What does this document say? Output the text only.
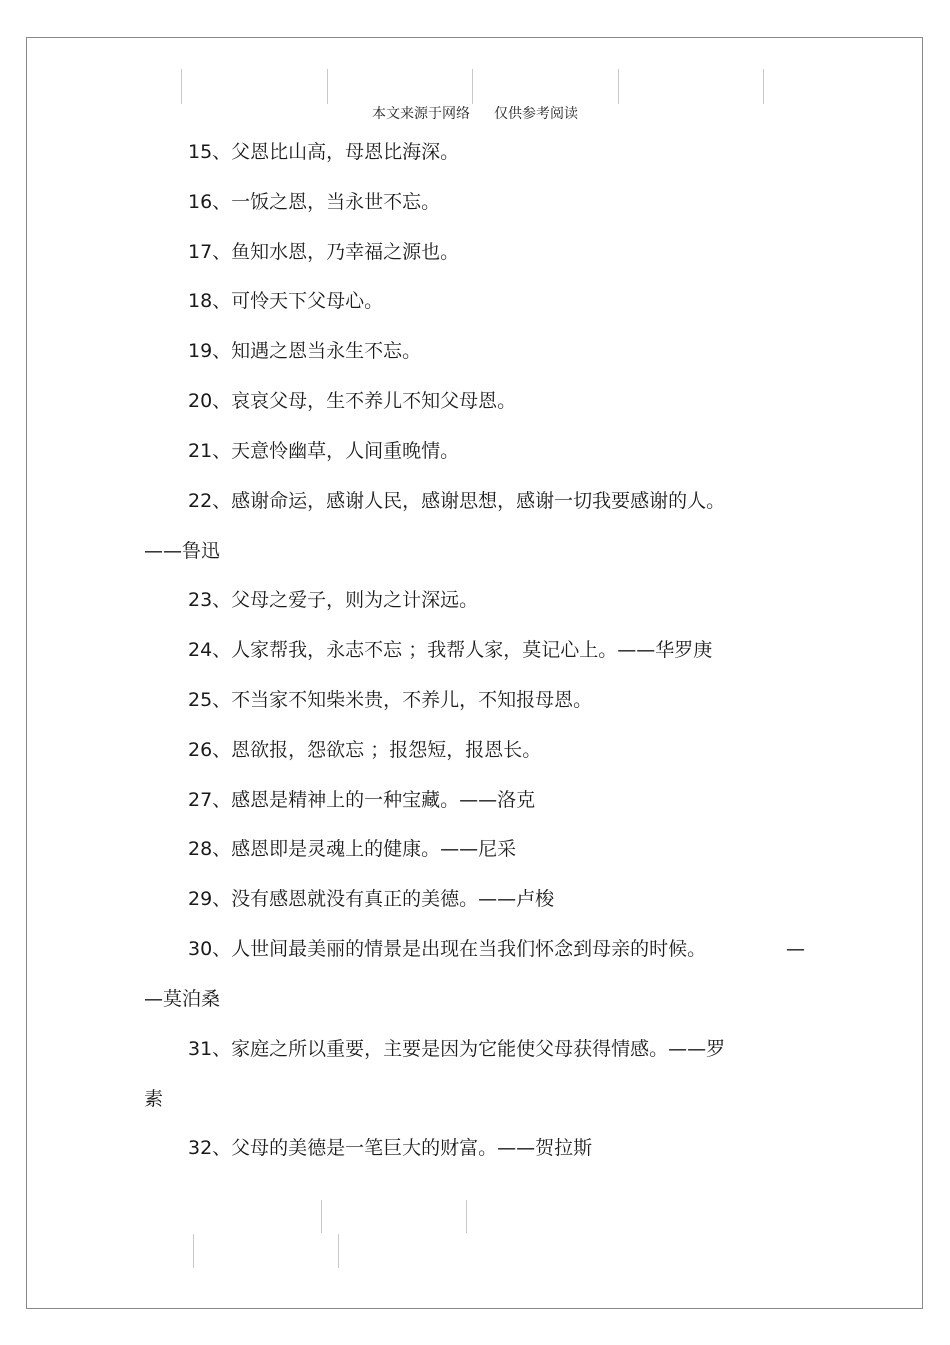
本文来源于网络 仅供参考阅读
15、父恩比山高，母恩比海深。
16、一饭之恩，当永世不忘。
17、鱼知水恩，乃幸福之源也。
18、可怜天下父母心。
19、知遇之恩当永生不忘。
20、哀哀父母，生不养儿不知父母恩。
21、天意怜幽草，人间重晚情。
22、感谢命运，感谢人民，感谢思想，感谢一切我要感谢的人。
——鲁迅
23、父母之爱子，则为之计深远。
24、人家帮我，永志不忘 ；我帮人家，莫记心上。——华罗庚
25、不当家不知柴米贵，不养儿，不知报母恩。
26、恩欲报，怨欲忘 ；报怨短，报恩长。
27、感恩是精神上的一种宝藏。——洛克
28、感恩即是灵魂上的健康。——尼采
29、没有感恩就没有真正的美德。——卢梭
30、人世间最美丽的情景是出现在当我们怀念到母亲的时候。	—
—莫泊桑
31、家庭之所以重要，主要是因为它能使父母获得情感。——罗
素
32、父母的美德是一笔巨大的财富。——贺拉斯
